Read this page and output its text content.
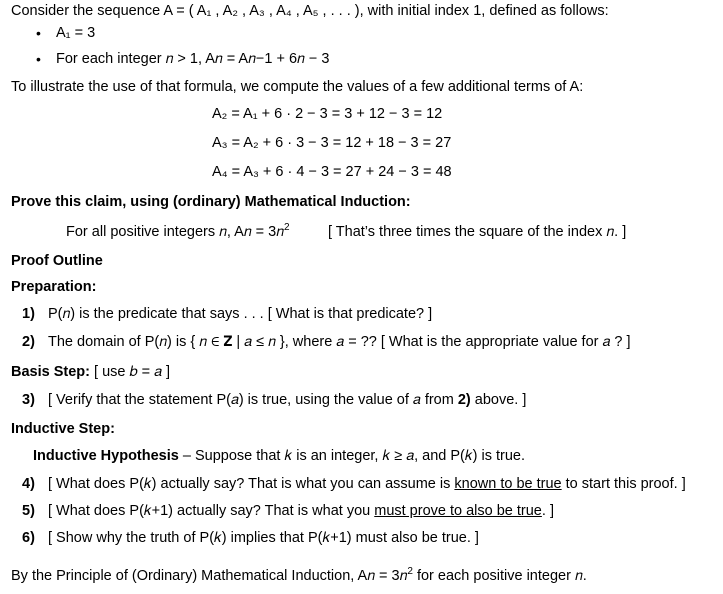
Consider the sequence A = ( A₁ , A₂ , A₃ , A₄ , A₅ , . . . ), with initial index 1, defined as follows:
• A₁ = 3
• For each integer 𝑛 > 1, A𝑛 = A𝑛−1 + 6𝑛 − 3
To illustrate the use of that formula, we compute the values of a few additional terms of A:
A₂ = A₁ + 6 · 2 − 3 = 3 + 12 − 3 = 12
A₃ = A₂ + 6 · 3 − 3 = 12 + 18 − 3 = 27
A₄ = A₃ + 6 · 4 − 3 = 27 + 24 − 3 = 48
Prove this claim, using (ordinary) Mathematical Induction:
For all positive integers 𝑛, A𝑛 = 3𝑛$^2$	[ That’s three times the square of the index 𝑛. ]
Proof Outline
Preparation:
1) P(𝑛) is the predicate that says . . . [ What is that predicate? ]
2) The domain of P(𝑛) is { 𝑛 ∈ 𝐙 | 𝑎 ≤ 𝑛 }, where 𝑎 = ?? [ What is the appropriate value for 𝑎 ? ]
Basis Step: [ use 𝑏 = 𝑎 ]
3) [ Verify that the statement P(𝑎) is true, using the value of 𝑎 from 2) above. ]
Inductive Step:
Inductive Hypothesis – Suppose that 𝑘 is an integer, 𝑘 ≥ 𝑎, and P(𝑘) is true.
4) [ What does P(𝑘) actually say? That is what you can assume is known to be true to start this proof. ]
5) [ What does P(𝑘+1) actually say? That is what you must prove to also be true. ]
6) [ Show why the truth of P(𝑘) implies that P(𝑘+1) must also be true. ]
By the Principle of (Ordinary) Mathematical Induction, A𝑛 = 3𝑛$^2$ for each positive integer 𝑛.
